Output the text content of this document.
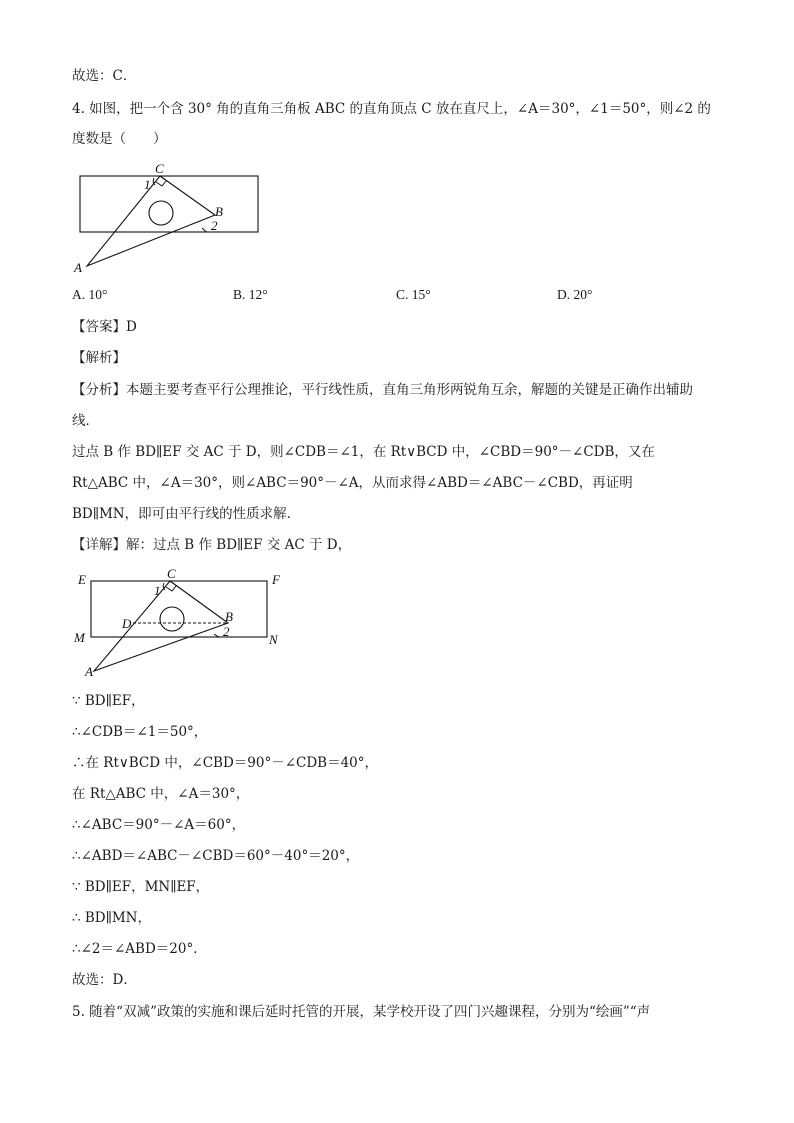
故选：C．
4. 如图，把一个含 30° 角的直角三角板 ABC 的直角顶点 C 放在直尺上，∠A＝30°，∠1＝50°，则∠2 的
度数是（　　）
C
1
B
2
A
A. 10°	B. 12°	C. 15°	D. 20°
【答案】D
【解析】
【分析】本题主要考查平行公理推论，平行线性质，直角三角形两锐角互余，解题的关键是正确作出辅助
线．
过点 B 作 BD∥EF 交 AC 于 D，则∠CDB＝∠1，在 Rt∨BCD 中，∠CBD＝90°－∠CDB，又在
Rt△ABC 中，∠A＝30°，则∠ABC＝90°－∠A，从而求得∠ABD＝∠ABC－∠CBD，再证明
BD∥MN，即可由平行线的性质求解．
【详解】解：过点 B 作 BD∥EF 交 AC 于 D，
E	C	F
1
B
D
2
M	N
A
∵ BD∥EF，
∴∠CDB＝∠1＝50°，
∴在 Rt∨BCD 中，∠CBD＝90°－∠CDB＝40°，
在 Rt△ABC 中，∠A＝30°，
∴∠ABC＝90°－∠A＝60°，
∴∠ABD＝∠ABC－∠CBD＝60°－40°＝20°，
∵ BD∥EF，MN∥EF，
∴ BD∥MN，
∴∠2＝∠ABD＝20°．
故选：D．
5. 随着“双减”政策的实施和课后延时托管的开展，某学校开设了四门兴趣课程，分别为“绘画”“声
